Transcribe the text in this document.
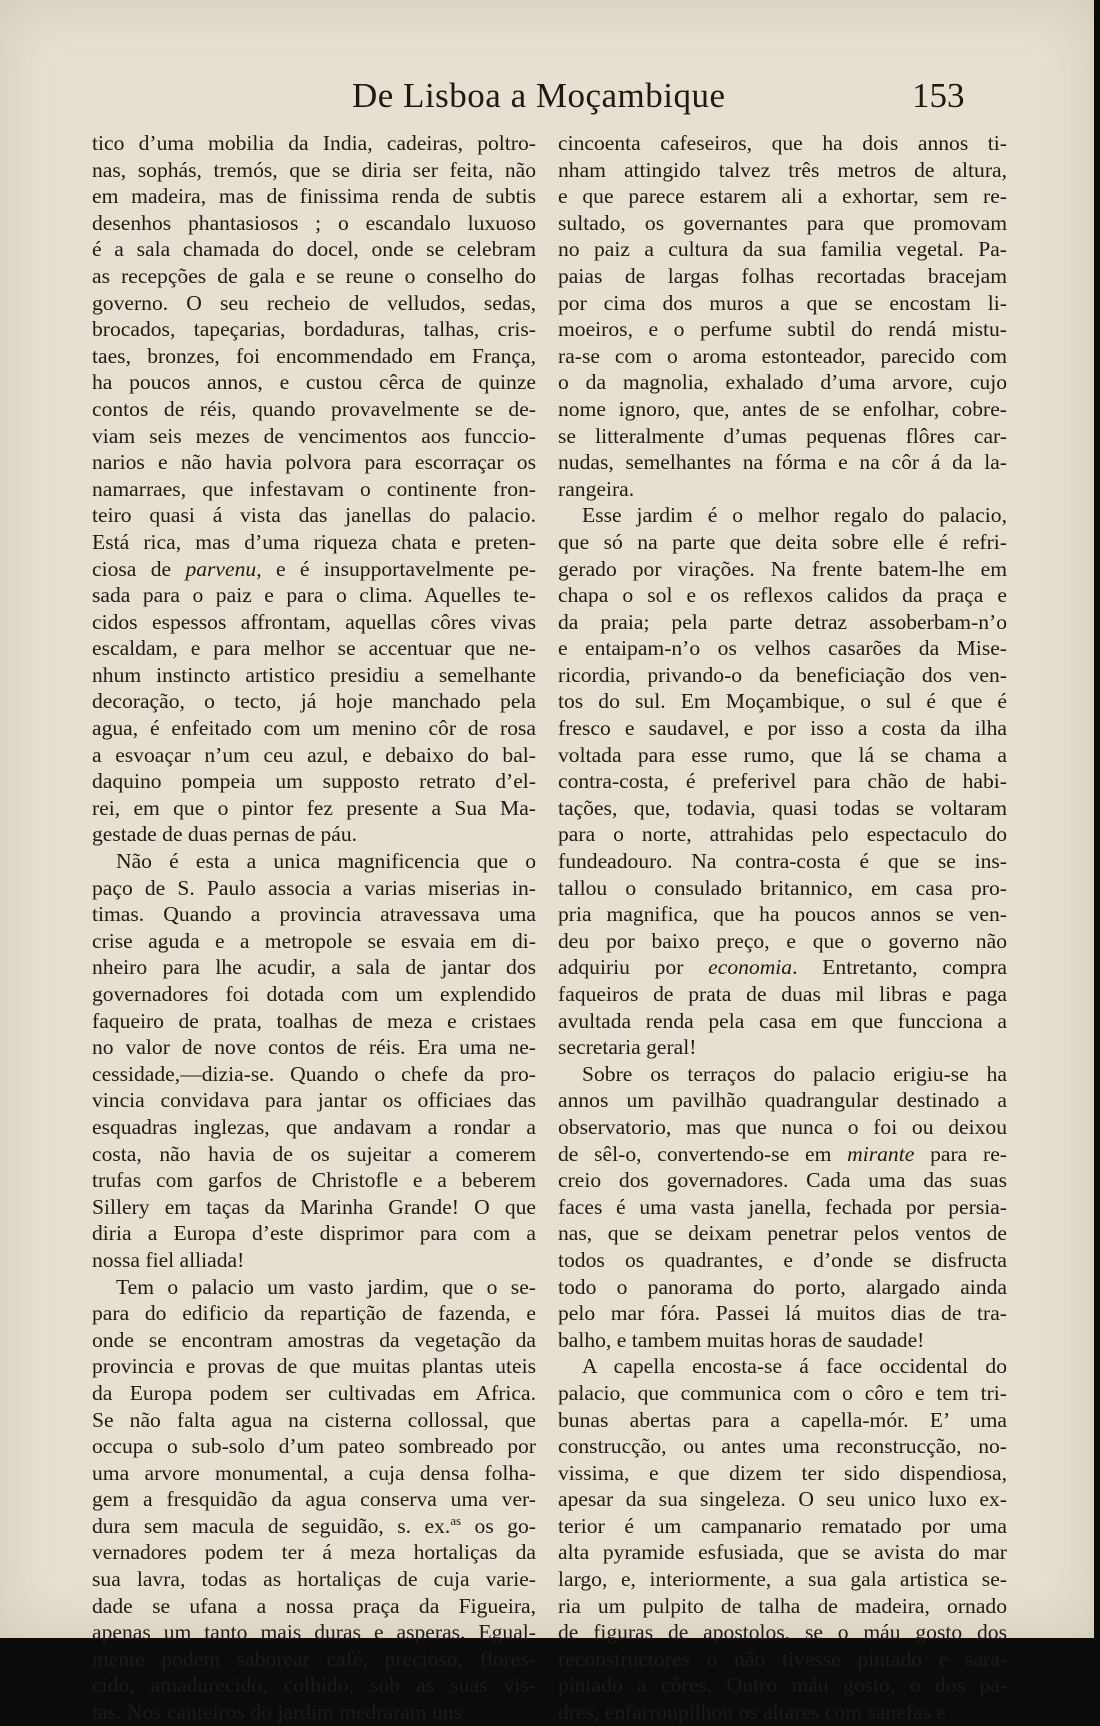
De Lisboa a Moçambique	153
tico d’uma mobilia da India, cadeiras, poltro-
nas, sophás, tremós, que se diria ser feita, não
em madeira, mas de finissima renda de subtis
desenhos phantasiosos ; o escandalo luxuoso
é a sala chamada do docel, onde se celebram
as recepções de gala e se reune o conselho do
governo. O seu recheio de velludos, sedas,
brocados, tapeçarias, bordaduras, talhas, cris-
taes, bronzes, foi encommendado em França,
ha poucos annos, e custou cêrca de quinze
contos de réis, quando provavelmente se de-
viam seis mezes de vencimentos aos funccio-
narios e não havia polvora para escorraçar os
namarraes, que infestavam o continente fron-
teiro quasi á vista das janellas do palacio.
Está rica, mas d’uma riqueza chata e preten-
ciosa de parvenu, e é insupportavelmente pe-
sada para o paiz e para o clima. Aquelles te-
cidos espessos affrontam, aquellas côres vivas
escaldam, e para melhor se accentuar que ne-
nhum instincto artistico presidiu a semelhante
decoração, o tecto, já hoje manchado pela
agua, é enfeitado com um menino côr de rosa
a esvoaçar n’um ceu azul, e debaixo do bal-
daquino pompeia um supposto retrato d’el-
rei, em que o pintor fez presente a Sua Ma-
gestade de duas pernas de páu.
Não é esta a unica magnificencia que o
paço de S. Paulo associa a varias miserias in-
timas. Quando a provincia atravessava uma
crise aguda e a metropole se esvaia em di-
nheiro para lhe acudir, a sala de jantar dos
governadores foi dotada com um explendido
faqueiro de prata, toalhas de meza e cristaes
no valor de nove contos de réis. Era uma ne-
cessidade,—dizia-se. Quando o chefe da pro-
vincia convidava para jantar os officiaes das
esquadras inglezas, que andavam a rondar a
costa, não havia de os sujeitar a comerem
trufas com garfos de Christofle e a beberem
Sillery em taças da Marinha Grande! O que
diria a Europa d’este disprimor para com a
nossa fiel alliada!
Tem o palacio um vasto jardim, que o se-
para do edificio da repartição de fazenda, e
onde se encontram amostras da vegetação da
provincia e provas de que muitas plantas uteis
da Europa podem ser cultivadas em Africa.
Se não falta agua na cisterna collossal, que
occupa o sub-solo d’um pateo sombreado por
uma arvore monumental, a cuja densa folha-
gem a fresquidão da agua conserva uma ver-
dura sem macula de seguidão, s. ex.$^{as}$ os go-
vernadores podem ter á meza hortaliças da
sua lavra, todas as hortaliças de cuja varie-
dade se ufana a nossa praça da Figueira,
apenas um tanto mais duras e asperas. Egual-
mente podem saborear café, precioso, flores-
cido, amadurecido, colhido, sob as suas vis-
tas. Nos canteiros do jardim medraram uns
cincoenta cafeseiros, que ha dois annos ti-
nham attingido talvez três metros de altura,
e que parece estarem ali a exhortar, sem re-
sultado, os governantes para que promovam
no paiz a cultura da sua familia vegetal. Pa-
paias de largas folhas recortadas bracejam
por cima dos muros a que se encostam li-
moeiros, e o perfume subtil do rendá mistu-
ra-se com o aroma estonteador, parecido com
o da magnolia, exhalado d’uma arvore, cujo
nome ignoro, que, antes de se enfolhar, cobre-
se litteralmente d’umas pequenas flôres car-
nudas, semelhantes na fórma e na côr á da la-
rangeira.
Esse jardim é o melhor regalo do palacio,
que só na parte que deita sobre elle é refri-
gerado por virações. Na frente batem-lhe em
chapa o sol e os reflexos calidos da praça e
da praia; pela parte detraz assoberbam-n’o
e entaipam-n’o os velhos casarões da Mise-
ricordia, privando-o da beneficiação dos ven-
tos do sul. Em Moçambique, o sul é que é
fresco e saudavel, e por isso a costa da ilha
voltada para esse rumo, que lá se chama a
contra-costa, é preferivel para chão de habi-
tações, que, todavia, quasi todas se voltaram
para o norte, attrahidas pelo espectaculo do
fundeadouro. Na contra-costa é que se ins-
tallou o consulado britannico, em casa pro-
pria magnifica, que ha poucos annos se ven-
deu por baixo preço, e que o governo não
adquiriu por economia. Entretanto, compra
faqueiros de prata de duas mil libras e paga
avultada renda pela casa em que funcciona a
secretaria geral!
Sobre os terraços do palacio erigiu-se ha
annos um pavilhão quadrangular destinado a
observatorio, mas que nunca o foi ou deixou
de sêl-o, convertendo-se em mirante para re-
creio dos governadores. Cada uma das suas
faces é uma vasta janella, fechada por persia-
nas, que se deixam penetrar pelos ventos de
todos os quadrantes, e d’onde se disfructa
todo o panorama do porto, alargado ainda
pelo mar fóra. Passei lá muitos dias de tra-
balho, e tambem muitas horas de saudade!
A capella encosta-se á face occidental do
palacio, que communica com o côro e tem tri-
bunas abertas para a capella-mór. E’ uma
construcção, ou antes uma reconstrucção, no-
vissima, e que dizem ter sido dispendiosa,
apesar da sua singeleza. O seu unico luxo ex-
terior é um campanario rematado por uma
alta pyramide esfusiada, que se avista do mar
largo, e, interiormente, a sua gala artistica se-
ria um pulpito de talha de madeira, ornado
de figuras de apostolos, se o máu gosto dos
reconstructores o não tivesse pintado e sara-
pintado a côres. Outro máu gosto, o dos pa-
dres, enfarroupilhou os altares com sanefas e
